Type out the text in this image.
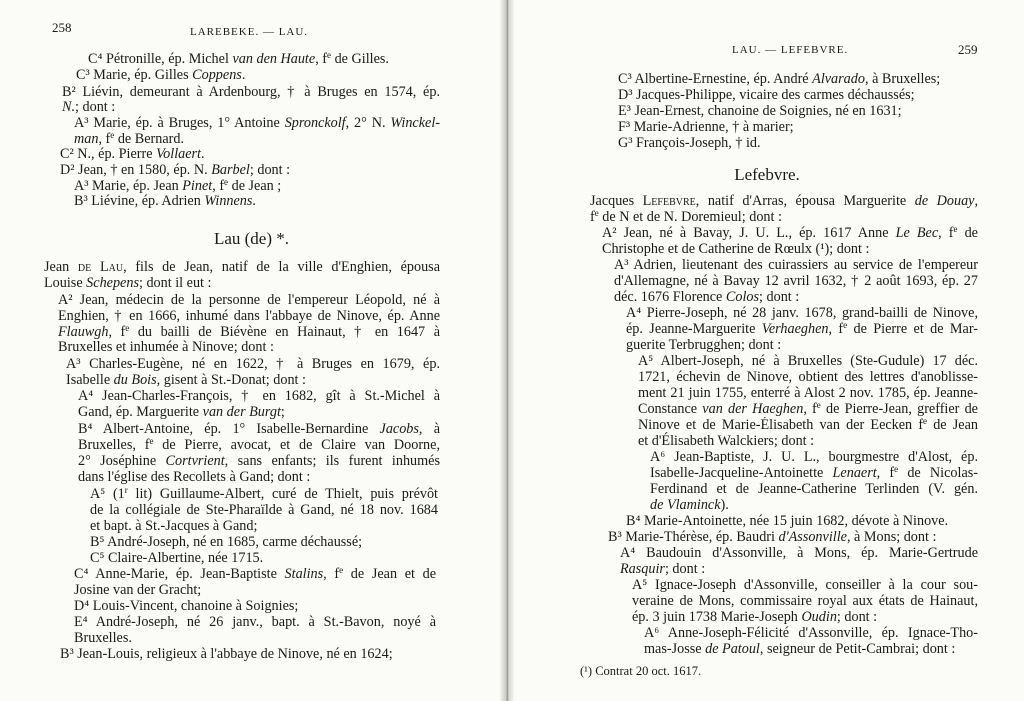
258	LAREBEKE. — LAU.
C⁴ Pétronille, ép. Michel van den Haute, $f^e$ de Gilles.
C³ Marie, ép. Gilles Coppens.
B² Liévin, demeurant à Ardenbourg, † à Bruges en 1574, ép.
N.; dont :
A³ Marie, ép. à Bruges, 1° Antoine Spronckolf, 2° N. Winckel-
man, $f^e$ de Bernard.
C² N., ép. Pierre Vollaert.
D² Jean, † en 1580, ép. N. Barbel; dont :
A³ Marie, ép. Jean Pinet, $f^e$ de Jean ;
B³ Liévine, ép. Adrien Winnens.
Lau (de) *.
Jean de Lau, fils de Jean, natif de la ville d'Enghien, épousa
Louise Schepens; dont il eut :
A² Jean, médecin de la personne de l'empereur Léopold, né à
Enghien, † en 1666, inhumé dans l'abbaye de Ninove, ép. Anne
Flauwgh, $f^e$ du bailli de Biévène en Hainaut, † en 1647 à
Bruxelles et inhumée à Ninove; dont :
A³ Charles-Eugène, né en 1622, † à Bruges en 1679, ép.
Isabelle du Bois, gisent à St.-Donat; dont :
A⁴ Jean-Charles-François, † en 1682, gît à St.-Michel à
Gand, ép. Marguerite van der Burgt;
B⁴ Albert-Antoine, ép. 1° Isabelle-Bernardine Jacobs, à
Bruxelles, $f^e$ de Pierre, avocat, et de Claire van Doorne,
2° Joséphine Cortvrient, sans enfants; ils furent inhumés
dans l'église des Recollets à Gand; dont :
A⁵ (1$^r$ lit) Guillaume-Albert, curé de Thielt, puis prévôt
de la collégiale de Ste-Pharaïlde à Gand, né 18 nov. 1684
et bapt. à St.-Jacques à Gand;
B⁵ André-Joseph, né en 1685, carme déchaussé;
C⁵ Claire-Albertine, née 1715.
C⁴ Anne-Marie, ép. Jean-Baptiste Stalins, $f^e$ de Jean et de
Josine van der Gracht;
D⁴ Louis-Vincent, chanoine à Soignies;
E⁴ André-Joseph, né 26 janv., bapt. à St.-Bavon, noyé à
Bruxelles.
B³ Jean-Louis, religieux à l'abbaye de Ninove, né en 1624;
LAU. — LEFEBVRE.	259
C³ Albertine-Ernestine, ép. André Alvarado, à Bruxelles;
D³ Jacques-Philippe, vicaire des carmes déchaussés;
E³ Jean-Ernest, chanoine de Soignies, né en 1631;
F³ Marie-Adrienne, † à marier;
G³ François-Joseph, † id.
Lefebvre.
Jacques Lefebvre, natif d'Arras, épousa Marguerite de Douay,
$f^e$ de N et de N. Doremieul; dont :
A² Jean, né à Bavay, J. U. L., ép. 1617 Anne Le Bec, $f^e$ de
Christophe et de Catherine de Rœulx (¹); dont :
A³ Adrien, lieutenant des cuirassiers au service de l'empereur
d'Allemagne, né à Bavay 12 avril 1632, † 2 août 1693, ép. 27
déc. 1676 Florence Colos; dont :
A⁴ Pierre-Joseph, né 28 janv. 1678, grand-bailli de Ninove,
ép. Jeanne-Marguerite Verhaeghen, $f^e$ de Pierre et de Mar-
guerite Terbrugghen; dont :
A⁵ Albert-Joseph, né à Bruxelles (Ste-Gudule) 17 déc.
1721, échevin de Ninove, obtient des lettres d'anoblisse-
ment 21 juin 1755, enterré à Alost 2 nov. 1785, ép. Jeanne-
Constance van der Haeghen, $f^e$ de Pierre-Jean, greffier de
Ninove et de Marie-Élisabeth van der Eecken $f^e$ de Jean
et d'Élisabeth Walckiers; dont :
A⁶ Jean-Baptiste, J. U. L., bourgmestre d'Alost, ép.
Isabelle-Jacqueline-Antoinette Lenaert, $f^e$ de Nicolas-
Ferdinand et de Jeanne-Catherine Terlinden (V. gén.
de Vlaminck).
B⁴ Marie-Antoinette, née 15 juin 1682, dévote à Ninove.
B³ Marie-Thérèse, ép. Baudri d'Assonville, à Mons; dont :
A⁴ Baudouin d'Assonville, à Mons, ép. Marie-Gertrude
Rasquir; dont :
A⁵ Ignace-Joseph d'Assonville, conseiller à la cour sou-
veraine de Mons, commissaire royal aux états de Hainaut,
ép. 3 juin 1738 Marie-Joseph Oudin; dont :
A⁶ Anne-Joseph-Félicité d'Assonville, ép. Ignace-Tho-
mas-Josse de Patoul, seigneur de Petit-Cambrai; dont :
(¹) Contrat 20 oct. 1617.
